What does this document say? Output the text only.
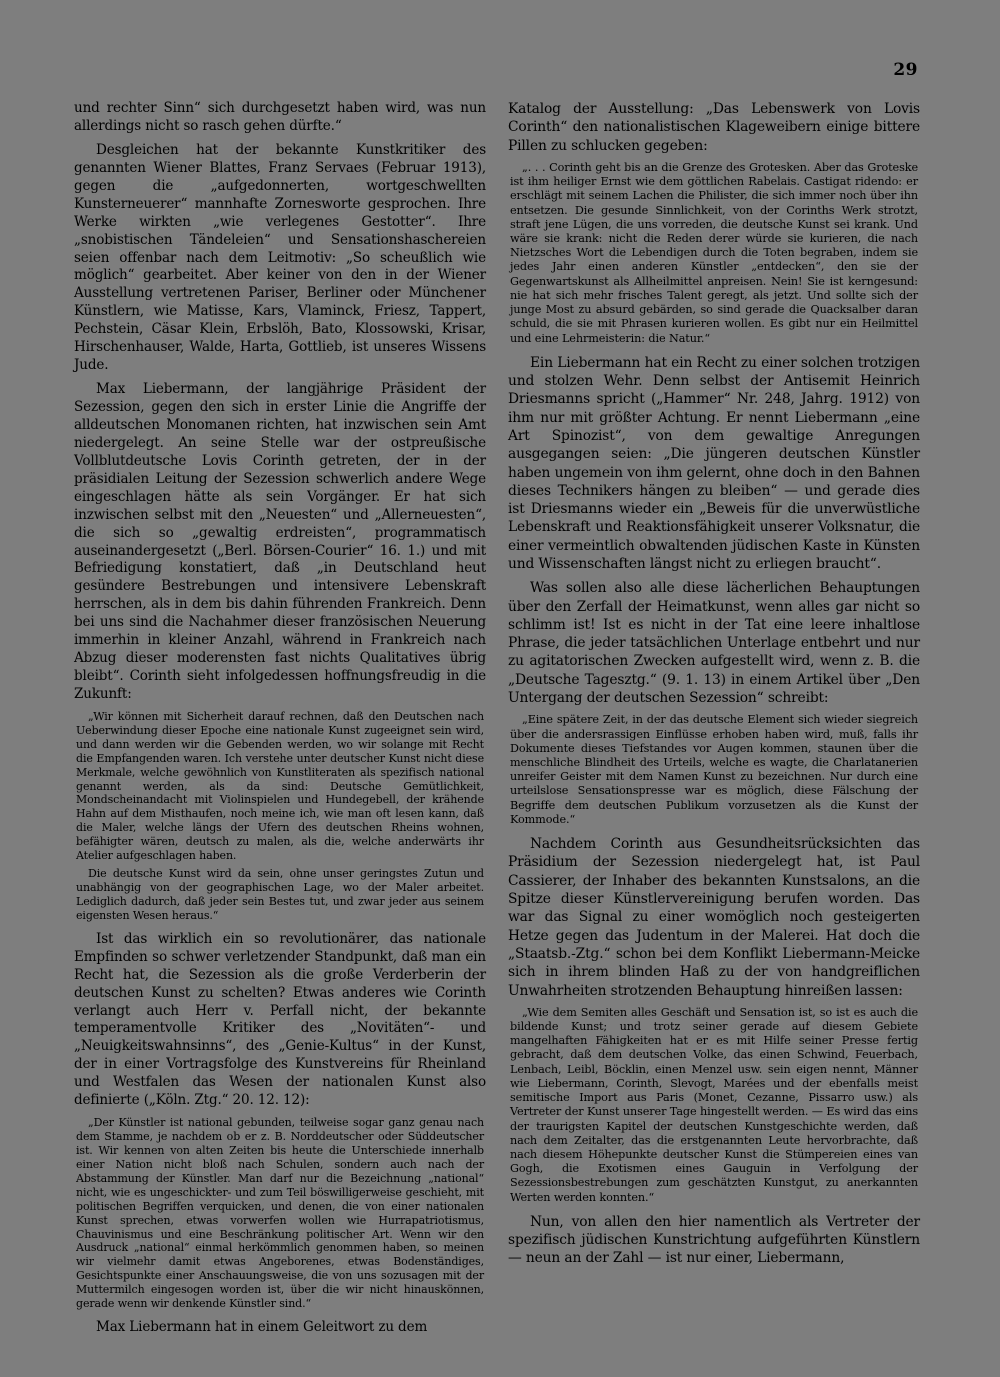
29

und rechter Sinn“ sich durchgesetzt haben wird, was nun allerdings nicht so rasch gehen dürfte.“

Desgleichen hat der bekannte Kunstkritiker des genannten Wiener Blattes, Franz Servaes (Februar 1913), gegen die „aufgedonnerten, wortgeschwellten Kunsterneuerer“ mannhafte Zornesworte gesprochen. Ihre Werke wirkten „wie verlegenes Gestotter“. Ihre „snobistischen Tändeleien“ und Sensationshaschereien seien offenbar nach dem Leitmotiv: „So scheußlich wie möglich“ gearbeitet. Aber keiner von den in der Wiener Ausstellung vertretenen Pariser, Berliner oder Münchener Künstlern, wie Matisse, Kars, Vlaminck, Friesz, Tappert, Pechstein, Cäsar Klein, Erbslöh, Bato, Klossowski, Krisar, Hirschenhauser, Walde, Harta, Gottlieb, ist unseres Wissens Jude.

Max Liebermann, der langjährige Präsident der Sezession, gegen den sich in erster Linie die Angriffe der alldeutschen Monomanen richten, hat inzwischen sein Amt niedergelegt. An seine Stelle war der ostpreußische Vollblutdeutsche Lovis Corinth getreten, der in der präsidialen Leitung der Sezession schwerlich andere Wege eingeschlagen hätte als sein Vorgänger. Er hat sich inzwischen selbst mit den „Neuesten“ und „Allerneuesten“, die sich so „gewaltig erdreisten“, programmatisch auseinandergesetzt („Berl. Börsen-Courier“ 16. 1.) und mit Befriedigung konstatiert, daß „in Deutschland heut gesündere Bestrebungen und intensivere Lebenskraft herrschen, als in dem bis dahin führenden Frankreich. Denn bei uns sind die Nachahmer dieser französischen Neuerung immerhin in kleiner Anzahl, während in Frankreich nach Abzug dieser moderensten fast nichts Qualitatives übrig bleibt“. Corinth sieht infolgedessen hoffnungsfreudig in die Zukunft:

„Wir können mit Sicherheit darauf rechnen, daß den Deutschen nach Ueberwindung dieser Epoche eine nationale Kunst zugeeignet sein wird, und dann werden wir die Gebenden werden, wo wir solange mit Recht die Empfangenden waren. Ich verstehe unter deutscher Kunst nicht diese Merkmale, welche gewöhnlich von Kunstliteraten als spezifisch national genannt werden, als da sind: Deutsche Gemütlichkeit, Mondscheinandacht mit Violinspielen und Hundegebell, der krähende Hahn auf dem Misthaufen, noch meine ich, wie man oft lesen kann, daß die Maler, welche längs der Ufern des deutschen Rheins wohnen, befähigter wären, deutsch zu malen, als die, welche anderwärts ihr Atelier aufgeschlagen haben.

Die deutsche Kunst wird da sein, ohne unser geringstes Zutun und unabhängig von der geographischen Lage, wo der Maler arbeitet. Lediglich dadurch, daß jeder sein Bestes tut, und zwar jeder aus seinem eigensten Wesen heraus.“

Ist das wirklich ein so revolutionärer, das nationale Empfinden so schwer verletzender Standpunkt, daß man ein Recht hat, die Sezession als die große Verderberin der deutschen Kunst zu schelten? Etwas anderes wie Corinth verlangt auch Herr v. Perfall nicht, der bekannte temperamentvolle Kritiker des „Novitäten“- und „Neuigkeitswahnsinns“, des „Genie-Kultus“ in der Kunst, der in einer Vortragsfolge des Kunstvereins für Rheinland und Westfalen das Wesen der nationalen Kunst also definierte („Köln. Ztg.“ 20. 12. 12):

„Der Künstler ist national gebunden, teilweise sogar ganz genau nach dem Stamme, je nachdem ob er z. B. Norddeutscher oder Süddeutscher ist. Wir kennen von alten Zeiten bis heute die Unterschiede innerhalb einer Nation nicht bloß nach Schulen, sondern auch nach der Abstammung der Künstler. Man darf nur die Bezeichnung „national“ nicht, wie es ungeschickter- und zum Teil böswilligerweise geschieht, mit politischen Begriffen verquicken, und denen, die von einer nationalen Kunst sprechen, etwas vorwerfen wollen wie Hurrapatriotismus, Chauvinismus und eine Beschränkung politischer Art. Wenn wir den Ausdruck „national“ einmal herkömmlich genommen haben, so meinen wir vielmehr damit etwas Angeborenes, etwas Bodenständiges, Gesichtspunkte einer Anschauungsweise, die von uns sozusagen mit der Muttermilch eingesogen worden ist, über die wir nicht hinauskönnen, gerade wenn wir denkende Künstler sind.“

Max Liebermann hat in einem Geleitwort zu dem

Katalog der Ausstellung: „Das Lebenswerk von Lovis Corinth“ den nationalistischen Klageweibern einige bittere Pillen zu schlucken gegeben:

„. . . Corinth geht bis an die Grenze des Grotesken. Aber das Groteske ist ihm heiliger Ernst wie dem göttlichen Rabelais. Castigat ridendo: er erschlägt mit seinem Lachen die Philister, die sich immer noch über ihn entsetzen. Die gesunde Sinnlichkeit, von der Corinths Werk strotzt, straft jene Lügen, die uns vorreden, die deutsche Kunst sei krank. Und wäre sie krank: nicht die Reden derer würde sie kurieren, die nach Nietzsches Wort die Lebendigen durch die Toten begraben, indem sie jedes Jahr einen anderen Künstler „entdecken“, den sie der Gegenwartskunst als Allheilmittel anpreisen. Nein! Sie ist kerngesund: nie hat sich mehr frisches Talent geregt, als jetzt. Und sollte sich der junge Most zu absurd gebärden, so sind gerade die Quacksalber daran schuld, die sie mit Phrasen kurieren wollen. Es gibt nur ein Heilmittel und eine Lehrmeisterin: die Natur.“

Ein Liebermann hat ein Recht zu einer solchen trotzigen und stolzen Wehr. Denn selbst der Antisemit Heinrich Driesmanns spricht („Hammer“ Nr. 248, Jahrg. 1912) von ihm nur mit größter Achtung. Er nennt Liebermann „eine Art Spinozist“, von dem gewaltige Anregungen ausgegangen seien: „Die jüngeren deutschen Künstler haben ungemein von ihm gelernt, ohne doch in den Bahnen dieses Technikers hängen zu bleiben“ — und gerade dies ist Driesmanns wieder ein „Beweis für die unverwüstliche Lebenskraft und Reaktionsfähigkeit unserer Volksnatur, die einer vermeintlich obwaltenden jüdischen Kaste in Künsten und Wissenschaften längst nicht zu erliegen braucht“.

Was sollen also alle diese lächerlichen Behauptungen über den Zerfall der Heimatkunst, wenn alles gar nicht so schlimm ist! Ist es nicht in der Tat eine leere inhaltlose Phrase, die jeder tatsächlichen Unterlage entbehrt und nur zu agitatorischen Zwecken aufgestellt wird, wenn z. B. die „Deutsche Tagesztg.“ (9. 1. 13) in einem Artikel über „Den Untergang der deutschen Sezession“ schreibt:

„Eine spätere Zeit, in der das deutsche Element sich wieder siegreich über die andersrassigen Einflüsse erhoben haben wird, muß, falls ihr Dokumente dieses Tiefstandes vor Augen kommen, staunen über die menschliche Blindheit des Urteils, welche es wagte, die Charlatanerien unreifer Geister mit dem Namen Kunst zu bezeichnen. Nur durch eine urteilslose Sensationspresse war es möglich, diese Fälschung der Begriffe dem deutschen Publikum vorzusetzen als die Kunst der Kommode.“

Nachdem Corinth aus Gesundheitsrücksichten das Präsidium der Sezession niedergelegt hat, ist Paul Cassierer, der Inhaber des bekannten Kunstsalons, an die Spitze dieser Künstlervereinigung berufen worden. Das war das Signal zu einer womöglich noch gesteigerten Hetze gegen das Judentum in der Malerei. Hat doch die „Staatsb.-Ztg.“ schon bei dem Konflikt Liebermann-Meicke sich in ihrem blinden Haß zu der von handgreiflichen Unwahrheiten strotzenden Behauptung hinreißen lassen:

„Wie dem Semiten alles Geschäft und Sensation ist, so ist es auch die bildende Kunst; und trotz seiner gerade auf diesem Gebiete mangelhaften Fähigkeiten hat er es mit Hilfe seiner Presse fertig gebracht, daß dem deutschen Volke, das einen Schwind, Feuerbach, Lenbach, Leibl, Böcklin, einen Menzel usw. sein eigen nennt, Männer wie Liebermann, Corinth, Slevogt, Marées und der ebenfalls meist semitische Import aus Paris (Monet, Cezanne, Pissarro usw.) als Vertreter der Kunst unserer Tage hingestellt werden. — Es wird das eins der traurigsten Kapitel der deutschen Kunstgeschichte werden, daß nach dem Zeitalter, das die erstgenannten Leute hervorbrachte, daß nach diesem Höhepunkte deutscher Kunst die Stümpereien eines van Gogh, die Exotismen eines Gauguin in Verfolgung der Sezessionsbestrebungen zum geschätzten Kunstgut, zu anerkannten Werten werden konnten.“

Nun, von allen den hier namentlich als Vertreter der spezifisch jüdischen Kunstrichtung aufgeführten Künstlern — neun an der Zahl — ist nur einer, Liebermann,
